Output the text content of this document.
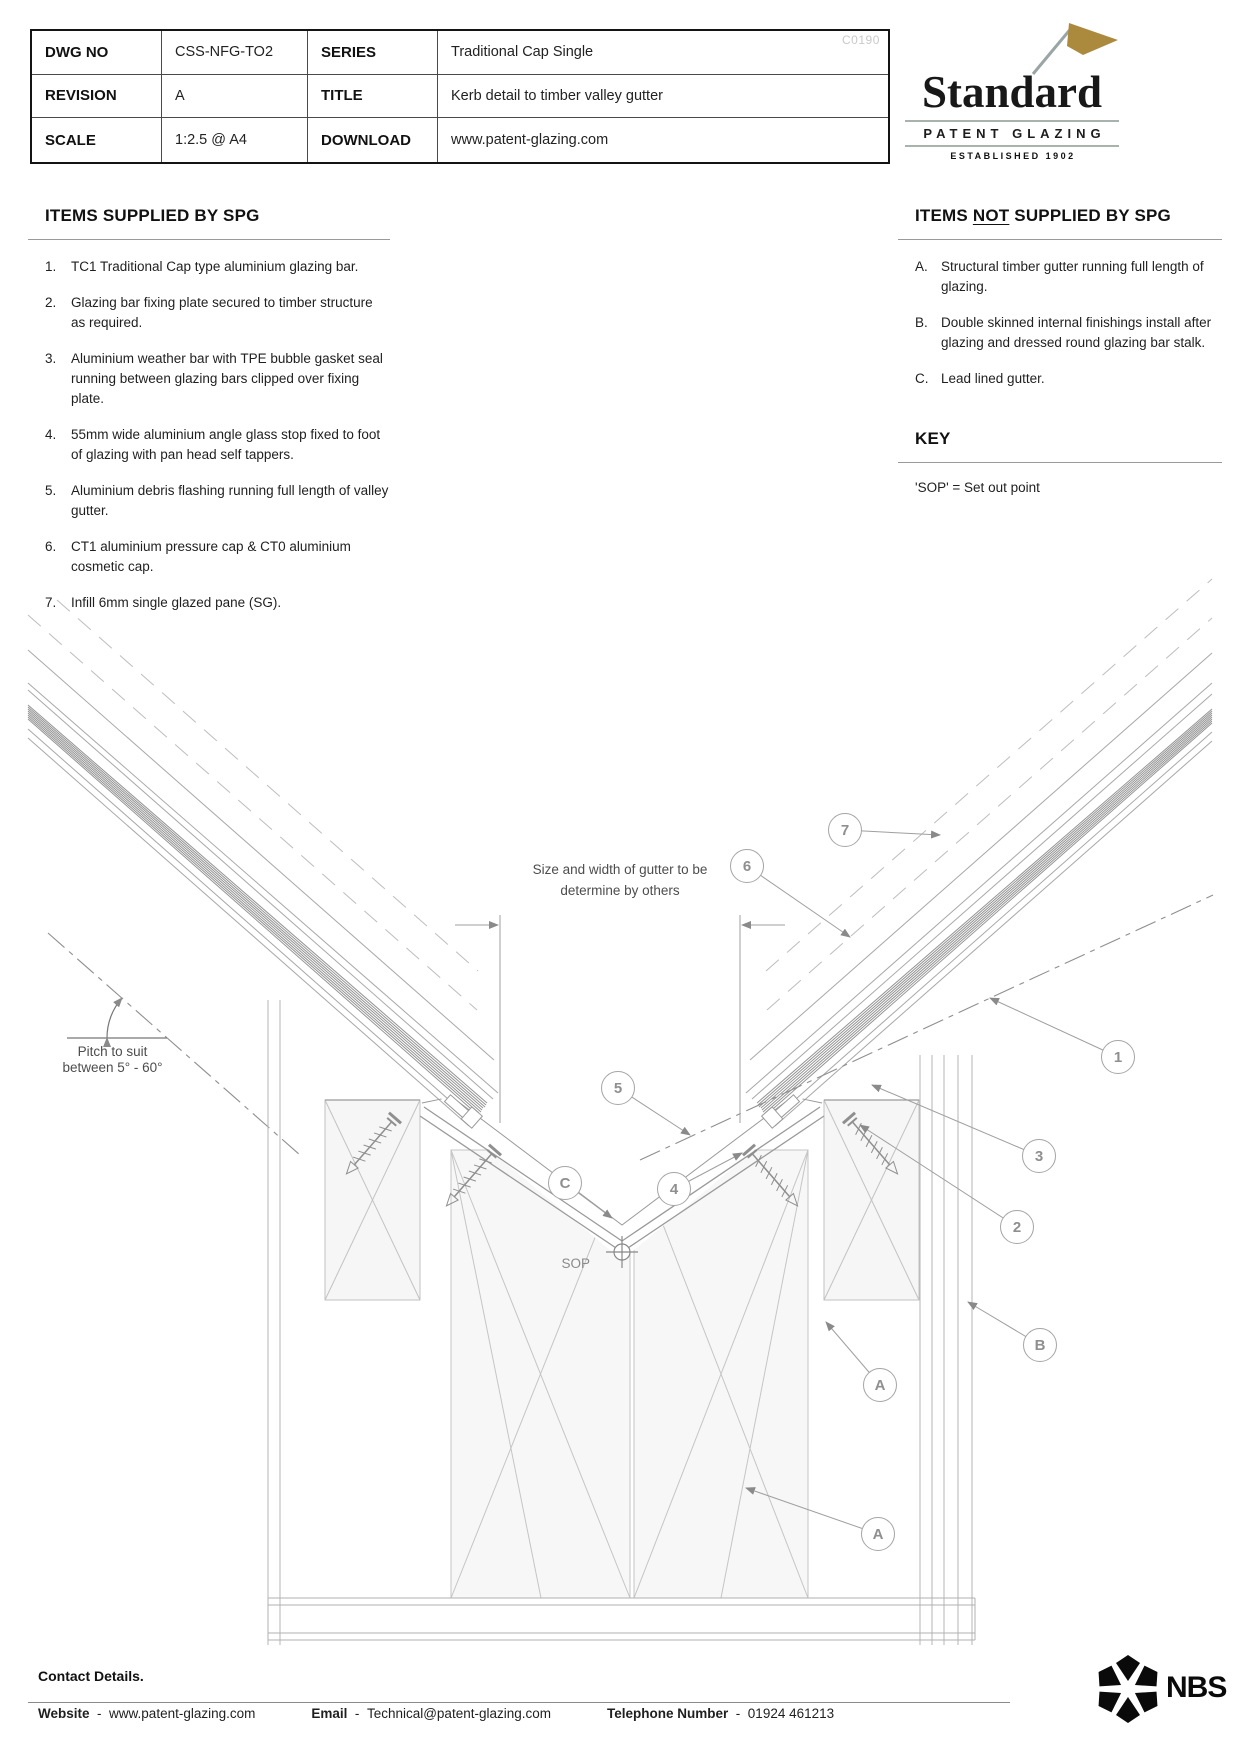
DWG NO	CSS-NFG-TO2	SERIES	Traditional Cap Single
REVISION	A	TITLE	Kerb detail to timber valley gutter
SCALE	1:2.5 @ A4	DOWNLOAD	www.patent-glazing.com
C0190
Standard
PATENT GLAZING
ESTABLISHED 1902
ITEMS SUPPLIED BY SPG
1.	TC1 Traditional Cap type aluminium glazing bar.
2.	Glazing bar fixing plate secured to timber structure as required.
3.	Aluminium weather bar with TPE bubble gasket seal running between glazing bars clipped over fixing plate.
4.	55mm wide aluminium angle glass stop fixed to foot of glazing with pan head self tappers.
5.	Aluminium debris flashing running full length of valley gutter.
6.	CT1 aluminium pressure cap & CT0 aluminium cosmetic cap.
7.	Infill 6mm single glazed pane (SG).
ITEMS NOT SUPPLIED BY SPG
A. Structural timber gutter running full length of glazing.
B. Double skinned internal finishings install after glazing and dressed round glazing bar stalk.
C. Lead lined gutter.
KEY
'SOP' = Set out point
Size and width of gutter to be
determine by others
Pitch to suit
between 5° - 60°
SOP
7
6
5
4
C
1
3
2
B
A
A
Contact Details.
Website - www.patent-glazing.com	Email - Technical@patent-glazing.com	Telephone Number - 01924 461213
NBS
